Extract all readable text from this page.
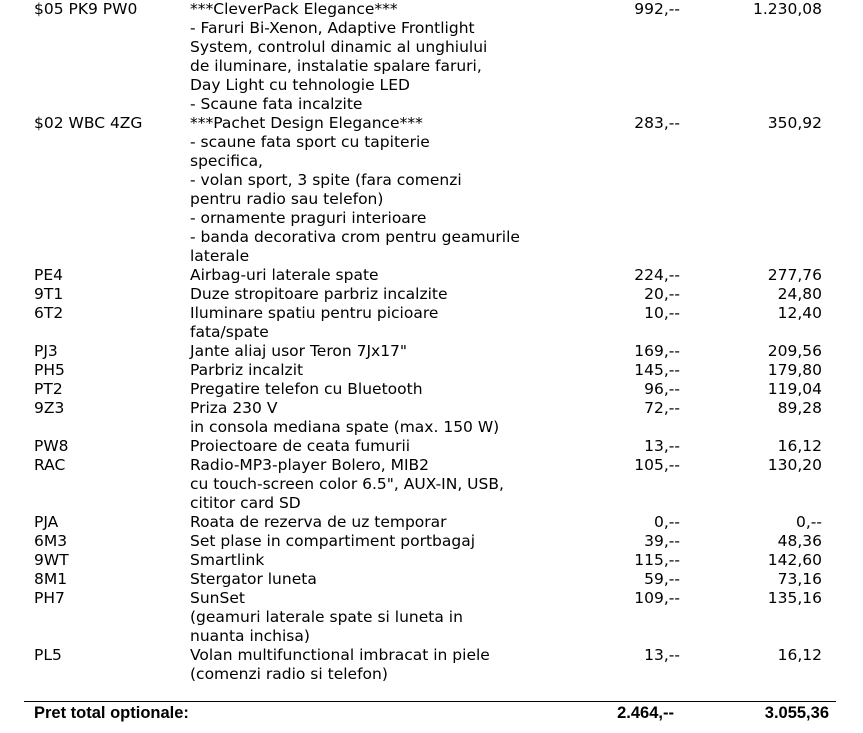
$05 PK9 PW0	***CleverPack Elegance***
- Faruri Bi-Xenon, Adaptive Frontlight
System, controlul dinamic al unghiului
de iluminare, instalatie spalare faruri,
Day Light cu tehnologie LED
- Scaune fata incalzite
992,--	1.230,08
$02 WBC 4ZG	***Pachet Design Elegance***
- scaune fata sport cu tapiterie
specifica,
- volan sport, 3 spite (fara comenzi
pentru radio sau telefon)
- ornamente praguri interioare
- banda decorativa crom pentru geamurile
laterale
283,--	350,92
PE4	Airbag-uri laterale spate	224,--	277,76
9T1	Duze stropitoare parbriz incalzite	20,--	24,80
6T2	Iluminare spatiu pentru picioare
fata/spate
10,--	12,40
PJ3	Jante aliaj usor Teron 7Jx17"	169,--	209,56
PH5	Parbriz incalzit	145,--	179,80
PT2	Pregatire telefon cu Bluetooth	96,--	119,04
9Z3	Priza 230 V
in consola mediana spate (max. 150 W)
72,--	89,28
PW8	Proiectoare de ceata fumurii	13,--	16,12
RAC	Radio-MP3-player Bolero, MIB2
cu touch-screen color 6.5", AUX-IN, USB,
cititor card SD
105,--	130,20
PJA	Roata de rezerva de uz temporar	0,--	0,--
6M3	Set plase in compartiment portbagaj	39,--	48,36
9WT	Smartlink	115,--	142,60
8M1	Stergator luneta	59,--	73,16
PH7	SunSet
(geamuri laterale spate si luneta in
nuanta inchisa)
109,--	135,16
PL5	Volan multifunctional imbracat in piele
(comenzi radio si telefon)
13,--	16,12
Pret total optionale:	2.464,--	3.055,36
